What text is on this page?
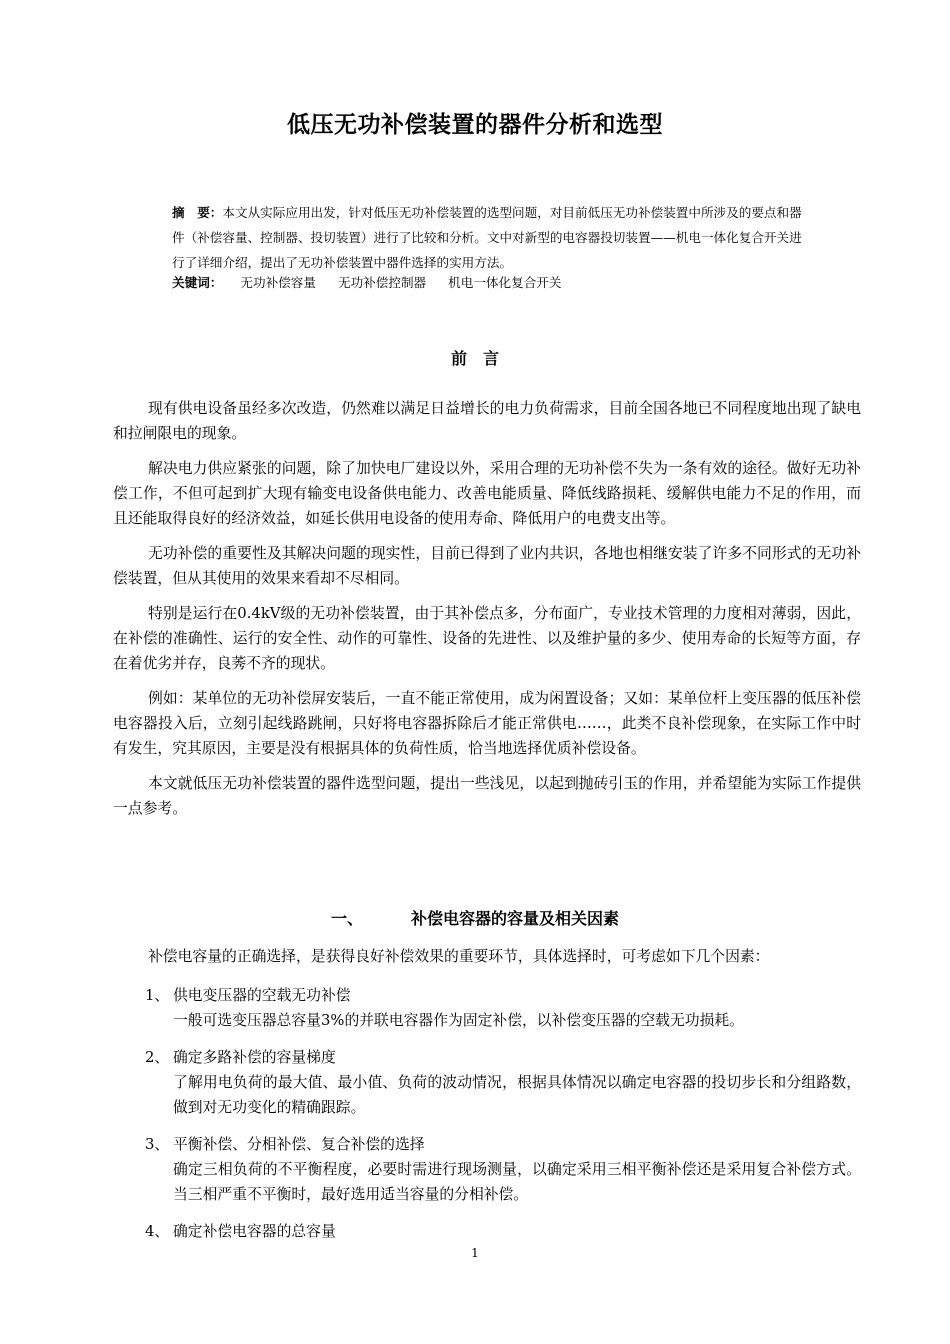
低压无功补偿装置的器件分析和选型

摘　要：本文从实际应用出发，针对低压无功补偿装置的选型问题，对目前低压无功补偿装置中所涉及的要点和器件（补偿容量、控制器、投切装置）进行了比较和分析。文中对新型的电容器投切装置——机电一体化复合开关进行了详细介绍，提出了无功补偿装置中器件选择的实用方法。

关键词： 无功补偿容量 无功补偿控制器 机电一体化复合开关
前　言

现有供电设备虽经多次改造，仍然难以满足日益增长的电力负荷需求，目前全国各地已不同程度地出现了缺电和拉闸限电的现象。

解决电力供应紧张的问题，除了加快电厂建设以外，采用合理的无功补偿不失为一条有效的途径。做好无功补偿工作，不但可起到扩大现有输变电设备供电能力、改善电能质量、降低线路损耗、缓解供电能力不足的作用，而且还能取得良好的经济效益，如延长供用电设备的使用寿命、降低用户的电费支出等。

无功补偿的重要性及其解决问题的现实性，目前已得到了业内共识，各地也相继安装了许多不同形式的无功补偿装置，但从其使用的效果来看却不尽相同。

特别是运行在0.4kV级的无功补偿装置，由于其补偿点多，分布面广，专业技术管理的力度相对薄弱，因此，在补偿的准确性、运行的安全性、动作的可靠性、设备的先进性、以及维护量的多少、使用寿命的长短等方面，存在着优劣并存，良莠不齐的现状。

例如：某单位的无功补偿屏安装后，一直不能正常使用，成为闲置设备；又如：某单位杆上变压器的低压补偿电容器投入后，立刻引起线路跳闸，只好将电容器拆除后才能正常供电……，此类不良补偿现象，在实际工作中时有发生，究其原因，主要是没有根据具体的负荷性质，恰当地选择优质补偿设备。

本文就低压无功补偿装置的器件选型问题，提出一些浅见，以起到抛砖引玉的作用，并希望能为实际工作提供一点参考。

一、	补偿电容器的容量及相关因素

补偿电容量的正确选择，是获得良好补偿效果的重要环节，具体选择时，可考虑如下几个因素：

1、 供电变压器的空载无功补偿
一般可选变压器总容量3%的并联电容器作为固定补偿，以补偿变压器的空载无功损耗。
2、 确定多路补偿的容量梯度
了解用电负荷的最大值、最小值、负荷的波动情况，根据具体情况以确定电容器的投切步长和分组路数，做到对无功变化的精确跟踪。
3、 平衡补偿、分相补偿、复合补偿的选择
确定三相负荷的不平衡程度，必要时需进行现场测量，以确定采用三相平衡补偿还是采用复合补偿方式。当三相严重不平衡时，最好选用适当容量的分相补偿。
4、 确定补偿电容器的总容量
1
